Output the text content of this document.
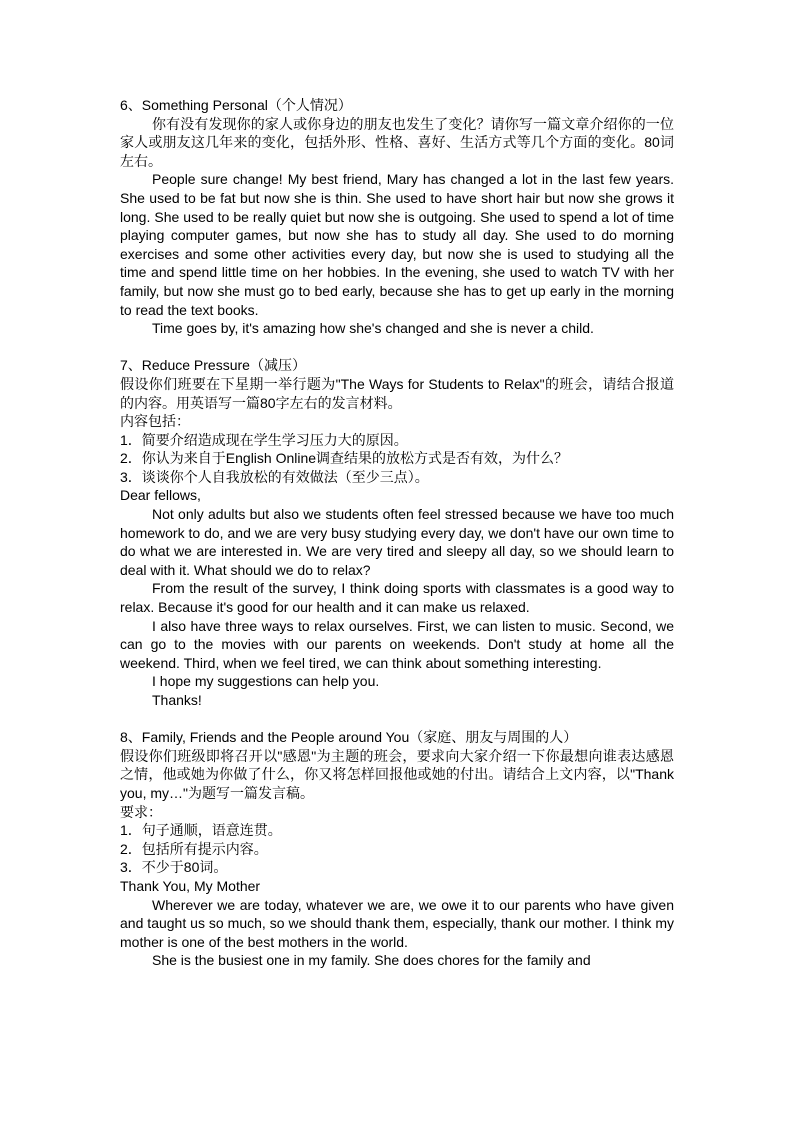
6、Something Personal（个人情况）

你有没有发现你的家人或你身边的朋友也发生了变化？请你写一篇文章介绍你的一位家人或朋友这几年来的变化，包括外形、性格、喜好、生活方式等几个方面的变化。80词左右。

People sure change! My best friend, Mary has changed a lot in the last few years. She used to be fat but now she is thin. She used to have short hair but now she grows it long. She used to be really quiet but now she is outgoing. She used to spend a lot of time playing computer games, but now she has to study all day. She used to do morning exercises and some other activities every day, but now she is used to studying all the time and spend little time on her hobbies. In the evening, she used to watch TV with her family, but now she must go to bed early, because she has to get up early in the morning to read the text books.

Time goes by, it's amazing how she's changed and she is never a child.

7、Reduce Pressure（减压）

假设你们班要在下星期一举行题为"The Ways for Students to Relax"的班会，请结合报道的内容。用英语写一篇80字左右的发言材料。

内容包括：

1．简要介绍造成现在学生学习压力大的原因。

2．你认为来自于English Online调查结果的放松方式是否有效，为什么？

3．谈谈你个人自我放松的有效做法（至少三点）。

Dear fellows,

Not only adults but also we students often feel stressed because we have too much homework to do, and we are very busy studying every day, we don't have our own time to do what we are interested in. We are very tired and sleepy all day, so we should learn to deal with it. What should we do to relax?

From the result of the survey, I think doing sports with classmates is a good way to relax. Because it's good for our health and it can make us relaxed.

I also have three ways to relax ourselves. First, we can listen to music. Second, we can go to the movies with our parents on weekends. Don't study at home all the weekend. Third, when we feel tired, we can think about something interesting.

I hope my suggestions can help you.

Thanks!

8、Family, Friends and the People around You（家庭、朋友与周围的人）

假设你们班级即将召开以"感恩"为主题的班会，要求向大家介绍一下你最想向谁表达感恩之情，他或她为你做了什么，你又将怎样回报他或她的付出。请结合上文内容，以"Thank you, my…"为题写一篇发言稿。

要求：

1．句子通顺，语意连贯。

2．包括所有提示内容。

3．不少于80词。

Thank You, My Mother

Wherever we are today, whatever we are, we owe it to our parents who have given and taught us so much, so we should thank them, especially, thank our mother. I think my mother is one of the best mothers in the world.

She is the busiest one in my family. She does chores for the family and
